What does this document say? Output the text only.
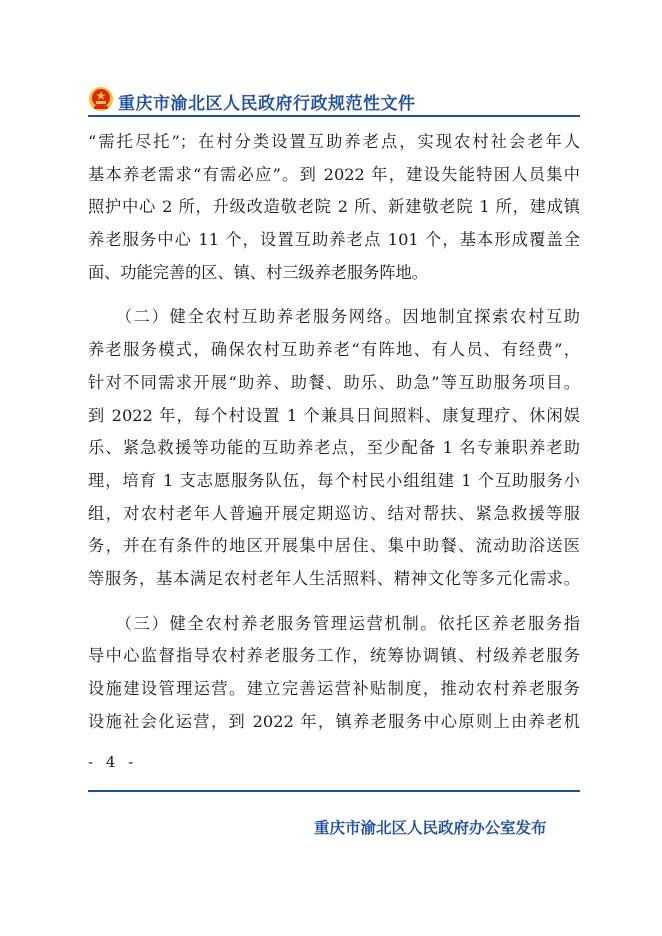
重庆市渝北区人民政府行政规范性文件
“需托尽托”；在村分类设置互助养老点，实现农村社会老年人
基本养老需求“有需必应”。到 2022 年，建设失能特困人员集中
照护中心 2 所，升级改造敬老院 2 所、新建敬老院 1 所，建成镇
养老服务中心 11 个，设置互助养老点 101 个，基本形成覆盖全
面、功能完善的区、镇、村三级养老服务阵地。
　　（二）健全农村互助养老服务网络。因地制宜探索农村互助
养老服务模式，确保农村互助养老“有阵地、有人员、有经费”，
针对不同需求开展“助养、助餐、助乐、助急”等互助服务项目。
到 2022 年，每个村设置 1 个兼具日间照料、康复理疗、休闲娱
乐、紧急救援等功能的互助养老点，至少配备 1 名专兼职养老助
理，培育 1 支志愿服务队伍，每个村民小组组建 1 个互助服务小
组，对农村老年人普遍开展定期巡访、结对帮扶、紧急救援等服
务，并在有条件的地区开展集中居住、集中助餐、流动助浴送医
等服务，基本满足农村老年人生活照料、精神文化等多元化需求。
　　（三）健全农村养老服务管理运营机制。依托区养老服务指
导中心监督指导农村养老服务工作，统筹协调镇、村级养老服务
设施建设管理运营。建立完善运营补贴制度，推动农村养老服务
设施社会化运营，到 2022 年，镇养老服务中心原则上由养老机
- 4 -
重庆市渝北区人民政府办公室发布
